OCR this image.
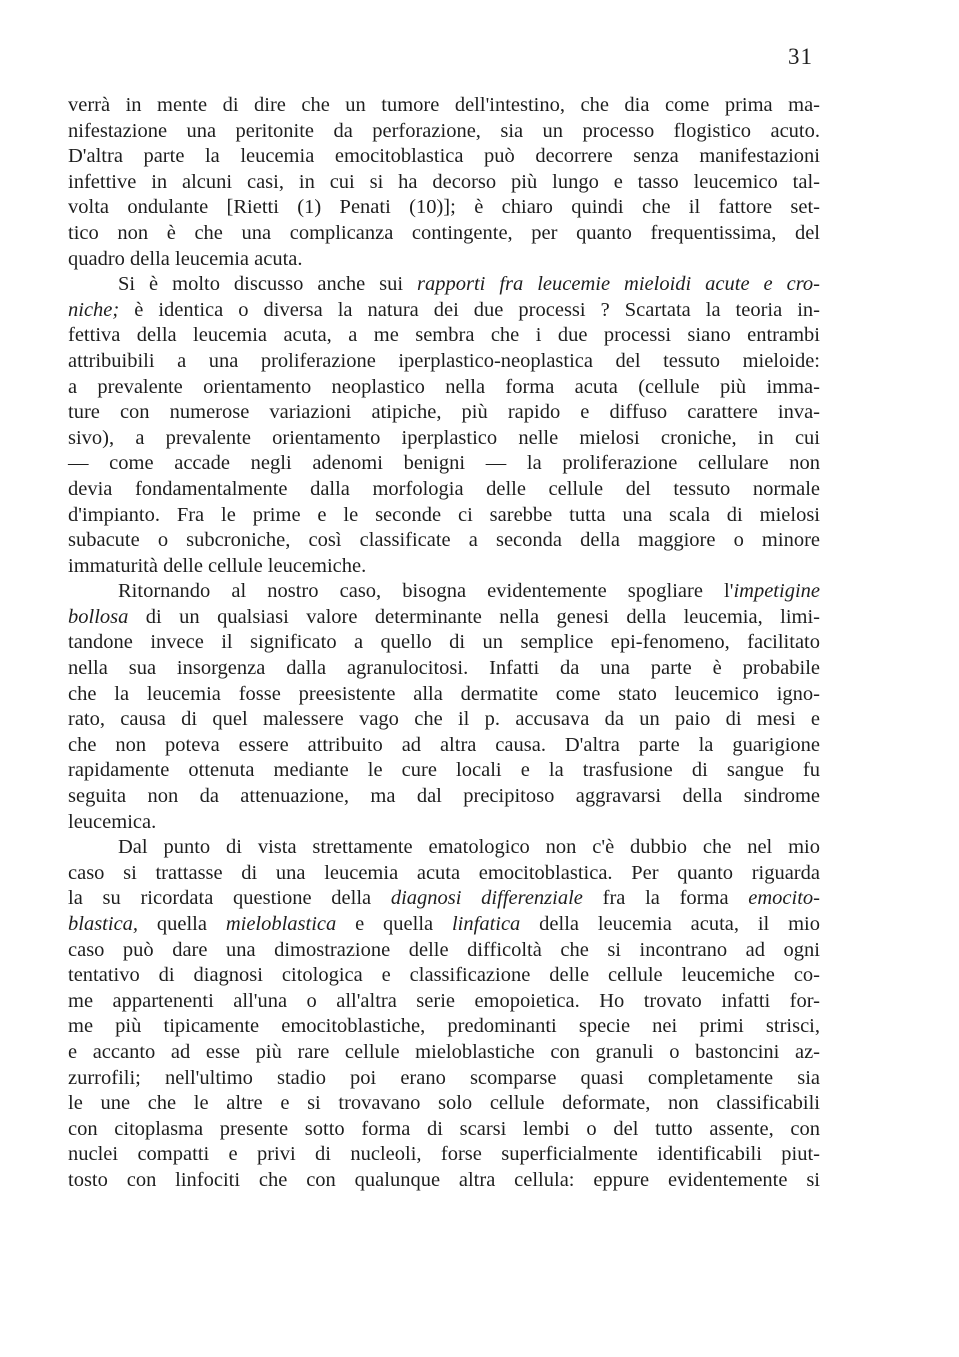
31
verrà in mente di dire che un tumore dell'intestino, che dia come prima ma-
nifestazione una peritonite da perforazione, sia un processo flogistico acuto.
D'altra parte la leucemia emocitoblastica può decorrere senza manifestazioni
infettive in alcuni casi, in cui si ha decorso più lungo e tasso leucemico tal-
volta ondulante [Rietti (1) Penati (10)]; è chiaro quindi che il fattore set-
tico non è che una complicanza contingente, per quanto frequentissima, del
quadro della leucemia acuta.
Si è molto discusso anche sui rapporti fra leucemie mieloidi acute e cro-
niche; è identica o diversa la natura dei due processi ? Scartata la teoria in-
fettiva della leucemia acuta, a me sembra che i due processi siano entrambi
attribuibili a una proliferazione iperplastico-neoplastica del tessuto mieloide:
a prevalente orientamento neoplastico nella forma acuta (cellule più imma-
ture con numerose variazioni atipiche, più rapido e diffuso carattere inva-
sivo), a prevalente orientamento iperplastico nelle mielosi croniche, in cui
— come accade negli adenomi benigni — la proliferazione cellulare non
devia fondamentalmente dalla morfologia delle cellule del tessuto normale
d'impianto. Fra le prime e le seconde ci sarebbe tutta una scala di mielosi
subacute o subcroniche, così classificate a seconda della maggiore o minore
immaturità delle cellule leucemiche.
Ritornando al nostro caso, bisogna evidentemente spogliare l'impetigine
bollosa di un qualsiasi valore determinante nella genesi della leucemia, limi-
tandone invece il significato a quello di un semplice epi-fenomeno, facilitato
nella sua insorgenza dalla agranulocitosi. Infatti da una parte è probabile
che la leucemia fosse preesistente alla dermatite come stato leucemico igno-
rato, causa di quel malessere vago che il p. accusava da un paio di mesi e
che non poteva essere attribuito ad altra causa. D'altra parte la guarigione
rapidamente ottenuta mediante le cure locali e la trasfusione di sangue fu
seguita non da attenuazione, ma dal precipitoso aggravarsi della sindrome
leucemica.
Dal punto di vista strettamente ematologico non c'è dubbio che nel mio
caso si trattasse di una leucemia acuta emocitoblastica. Per quanto riguarda
la su ricordata questione della diagnosi differenziale fra la forma emocito-
blastica, quella mieloblastica e quella linfatica della leucemia acuta, il mio
caso può dare una dimostrazione delle difficoltà che si incontrano ad ogni
tentativo di diagnosi citologica e classificazione delle cellule leucemiche co-
me appartenenti all'una o all'altra serie emopoietica. Ho trovato infatti for-
me più tipicamente emocitoblastiche, predominanti specie nei primi strisci,
e accanto ad esse più rare cellule mieloblastiche con granuli o bastoncini az-
zurrofili; nell'ultimo stadio poi erano scomparse quasi completamente sia
le une che le altre e si trovavano solo cellule deformate, non classificabili
con citoplasma presente sotto forma di scarsi lembi o del tutto assente, con
nuclei compatti e privi di nucleoli, forse superficialmente identificabili piut-
tosto con linfociti che con qualunque altra cellula: eppure evidentemente si
